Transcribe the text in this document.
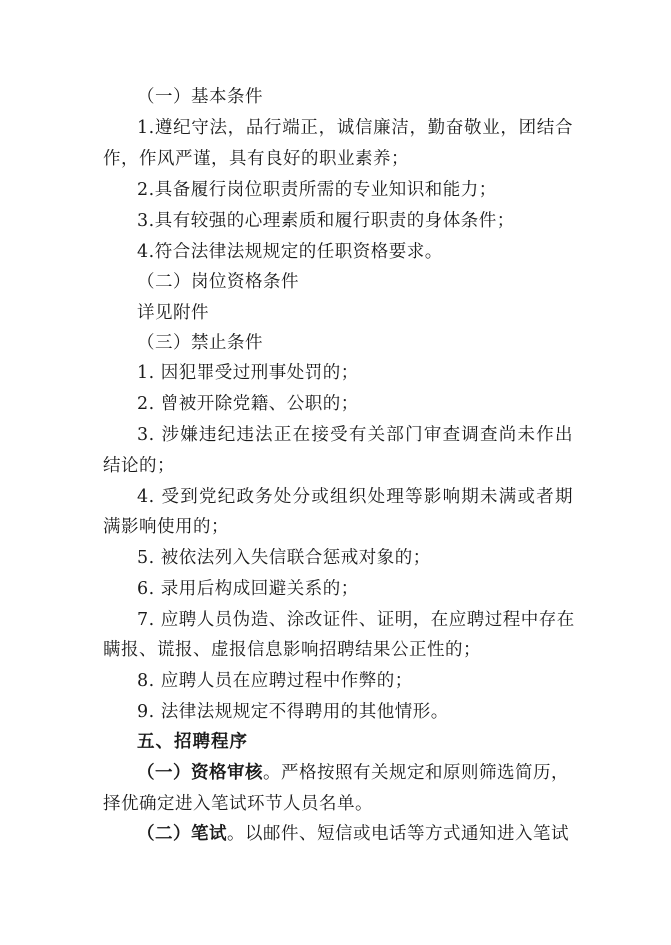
（一）基本条件
1.遵纪守法，品行端正，诚信廉洁，勤奋敬业，团结合
作，作风严谨，具有良好的职业素养；
2.具备履行岗位职责所需的专业知识和能力；
3.具有较强的心理素质和履行职责的身体条件；
4.符合法律法规规定的任职资格要求。
（二）岗位资格条件
详见附件
（三）禁止条件
1. 因犯罪受过刑事处罚的；
2. 曾被开除党籍、公职的；
3. 涉嫌违纪违法正在接受有关部门审查调查尚未作出
结论的；
4. 受到党纪政务处分或组织处理等影响期未满或者期
满影响使用的；
5. 被依法列入失信联合惩戒对象的；
6. 录用后构成回避关系的；
7. 应聘人员伪造、涂改证件、证明，在应聘过程中存在
瞒报、谎报、虚报信息影响招聘结果公正性的；
8. 应聘人员在应聘过程中作弊的；
9. 法律法规规定不得聘用的其他情形。
五、招聘程序
（一）资格审核。严格按照有关规定和原则筛选简历，
择优确定进入笔试环节人员名单。
（二）笔试。以邮件、短信或电话等方式通知进入笔试
